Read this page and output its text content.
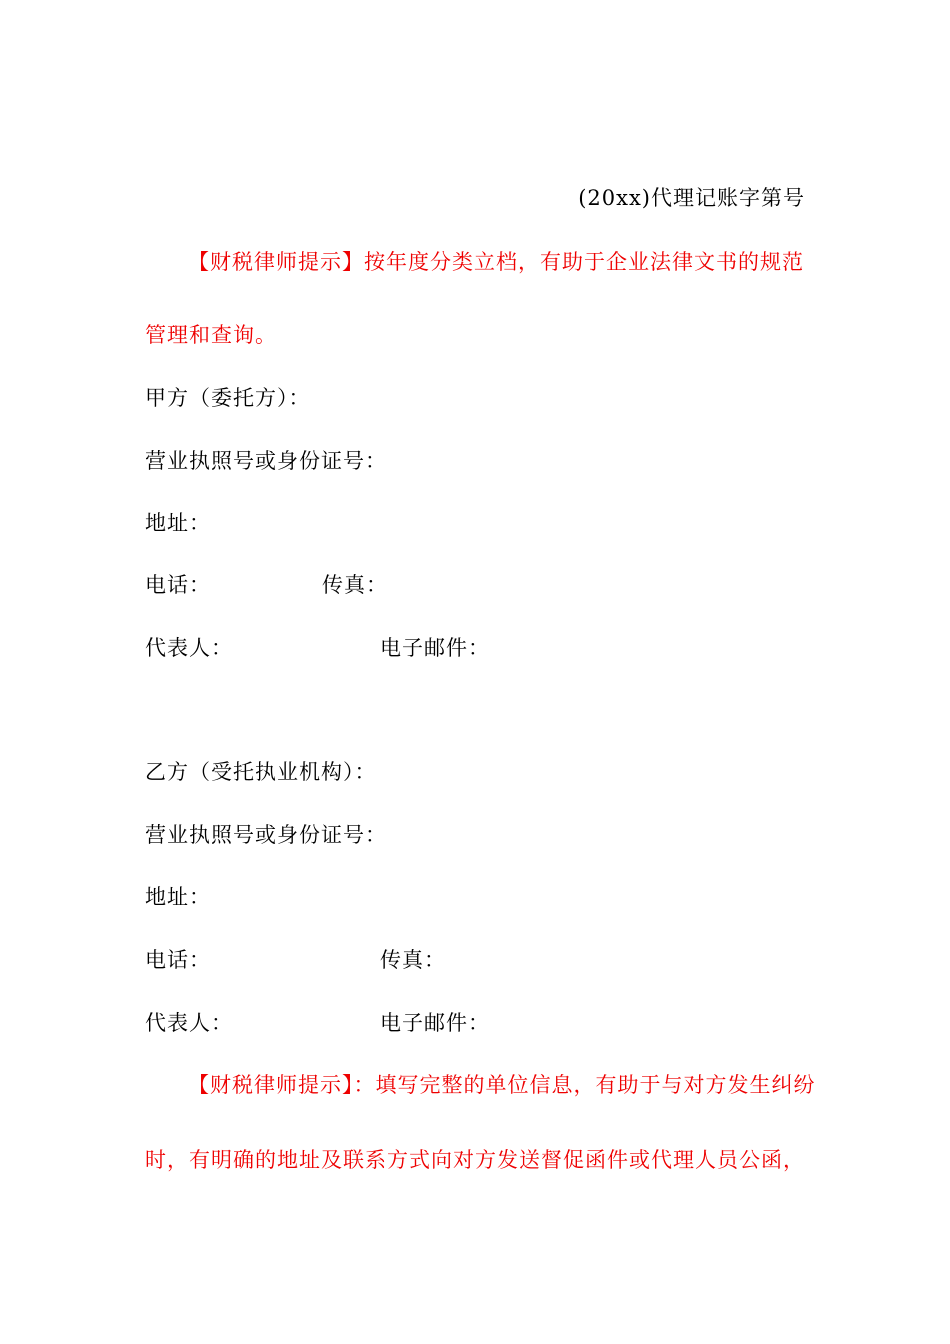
(20xx)代理记账字第号
【财税律师提示】按年度分类立档，有助于企业法律文书的规范
管理和查询。
甲方（委托方）：
营业执照号或身份证号：
地址：
电话：	传真：
代表人：	电子邮件：
乙方（受托执业机构）：
营业执照号或身份证号：
地址：
电话：	传真：
代表人：	电子邮件：
【财税律师提示】：填写完整的单位信息，有助于与对方发生纠纷
时，有明确的地址及联系方式向对方发送督促函件或代理人员公函，
